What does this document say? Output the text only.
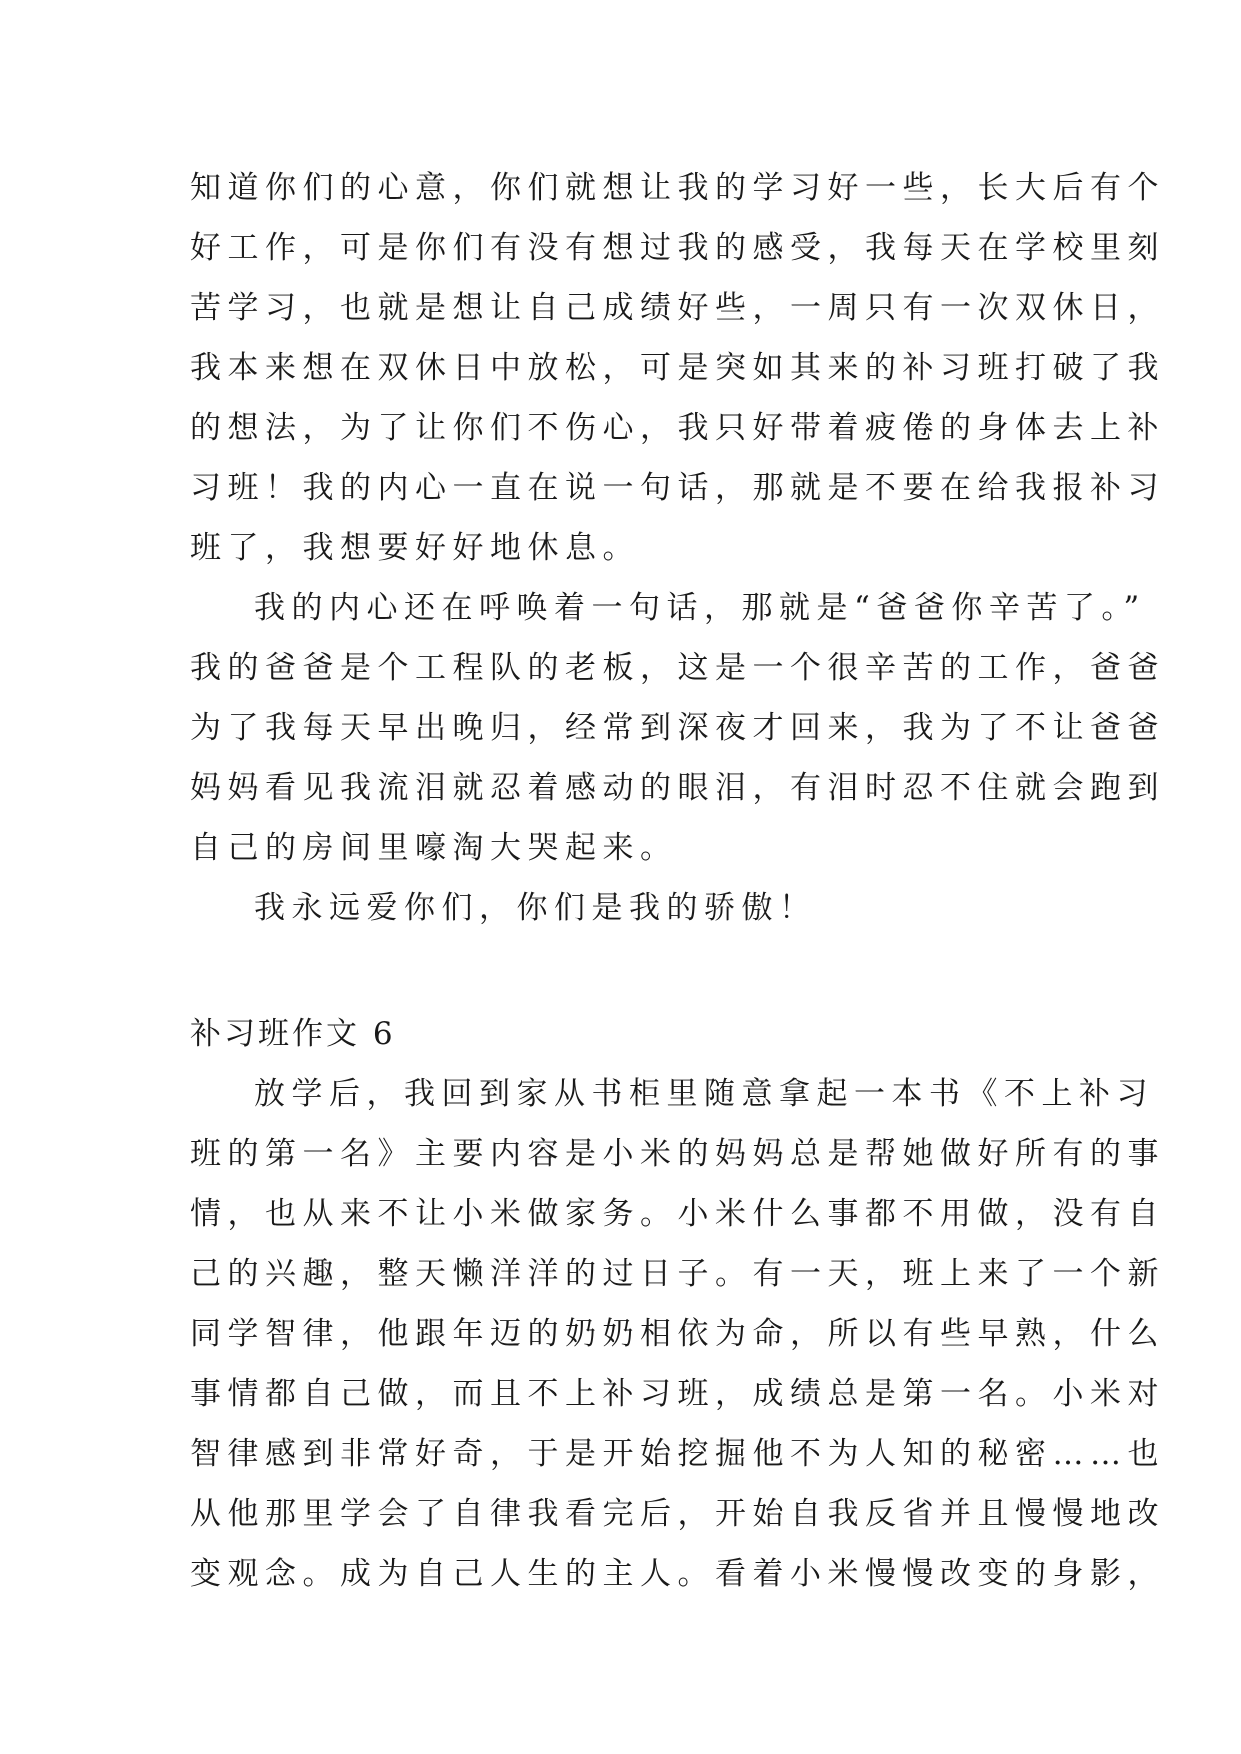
知道你们的心意，你们就想让我的学习好一些，长大后有个
好工作，可是你们有没有想过我的感受，我每天在学校里刻
苦学习，也就是想让自己成绩好些，一周只有一次双休日，
我本来想在双休日中放松，可是突如其来的补习班打破了我
的想法，为了让你们不伤心，我只好带着疲倦的身体去上补
习班！我的内心一直在说一句话，那就是不要在给我报补习
班了，我想要好好地休息。
我的内心还在呼唤着一句话，那就是“爸爸你辛苦了。”
我的爸爸是个工程队的老板，这是一个很辛苦的工作，爸爸
为了我每天早出晚归，经常到深夜才回来，我为了不让爸爸
妈妈看见我流泪就忍着感动的眼泪，有泪时忍不住就会跑到
自己的房间里嚎淘大哭起来。
我永远爱你们，你们是我的骄傲！
补习班作文 6
放学后，我回到家从书柜里随意拿起一本书《不上补习
班的第一名》主要内容是小米的妈妈总是帮她做好所有的事
情，也从来不让小米做家务。小米什么事都不用做，没有自
己的兴趣，整天懒洋洋的过日子。有一天，班上来了一个新
同学智律，他跟年迈的奶奶相依为命，所以有些早熟，什么
事情都自己做，而且不上补习班，成绩总是第一名。小米对
智律感到非常好奇，于是开始挖掘他不为人知的秘密……也
从他那里学会了自律我看完后，开始自我反省并且慢慢地改
变观念。成为自己人生的主人。看着小米慢慢改变的身影，
